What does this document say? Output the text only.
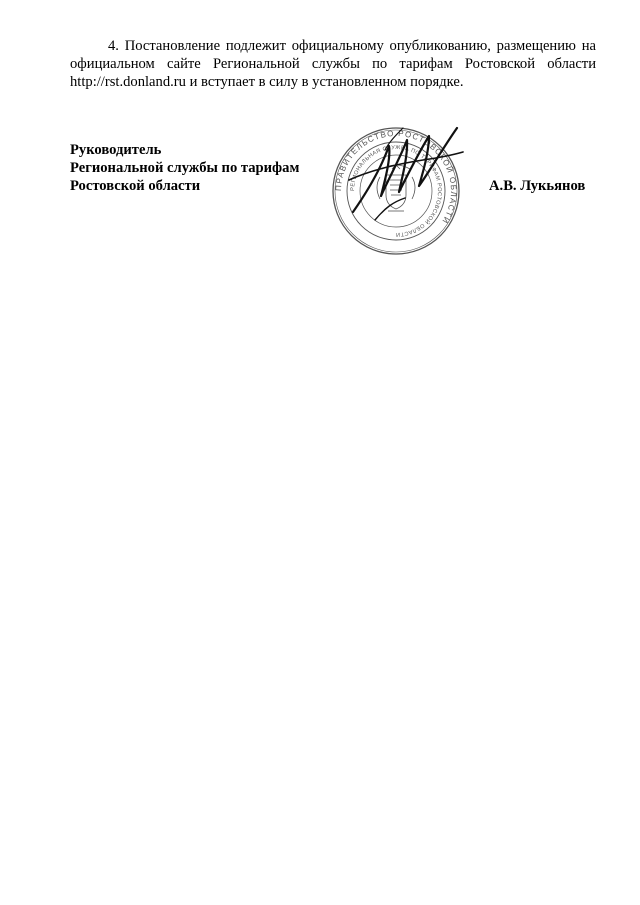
4. Постановление подлежит официальному опубликованию, размещению на официальном сайте Региональной службы по тарифам Ростовской области http://rst.donland.ru и вступает в силу в установленном порядке.

Руководитель
Региональной службы по тарифам
Ростовской области	ПРАВИТЕЛЬСТВО РОСТОВСКОЙ ОБЛАСТИ
РЕГИОНАЛЬНАЯ СЛУЖБА ПО ТАРИФАМ РОСТОВСКОЙ ОБЛАСТИ
А.В. Лукьянов
